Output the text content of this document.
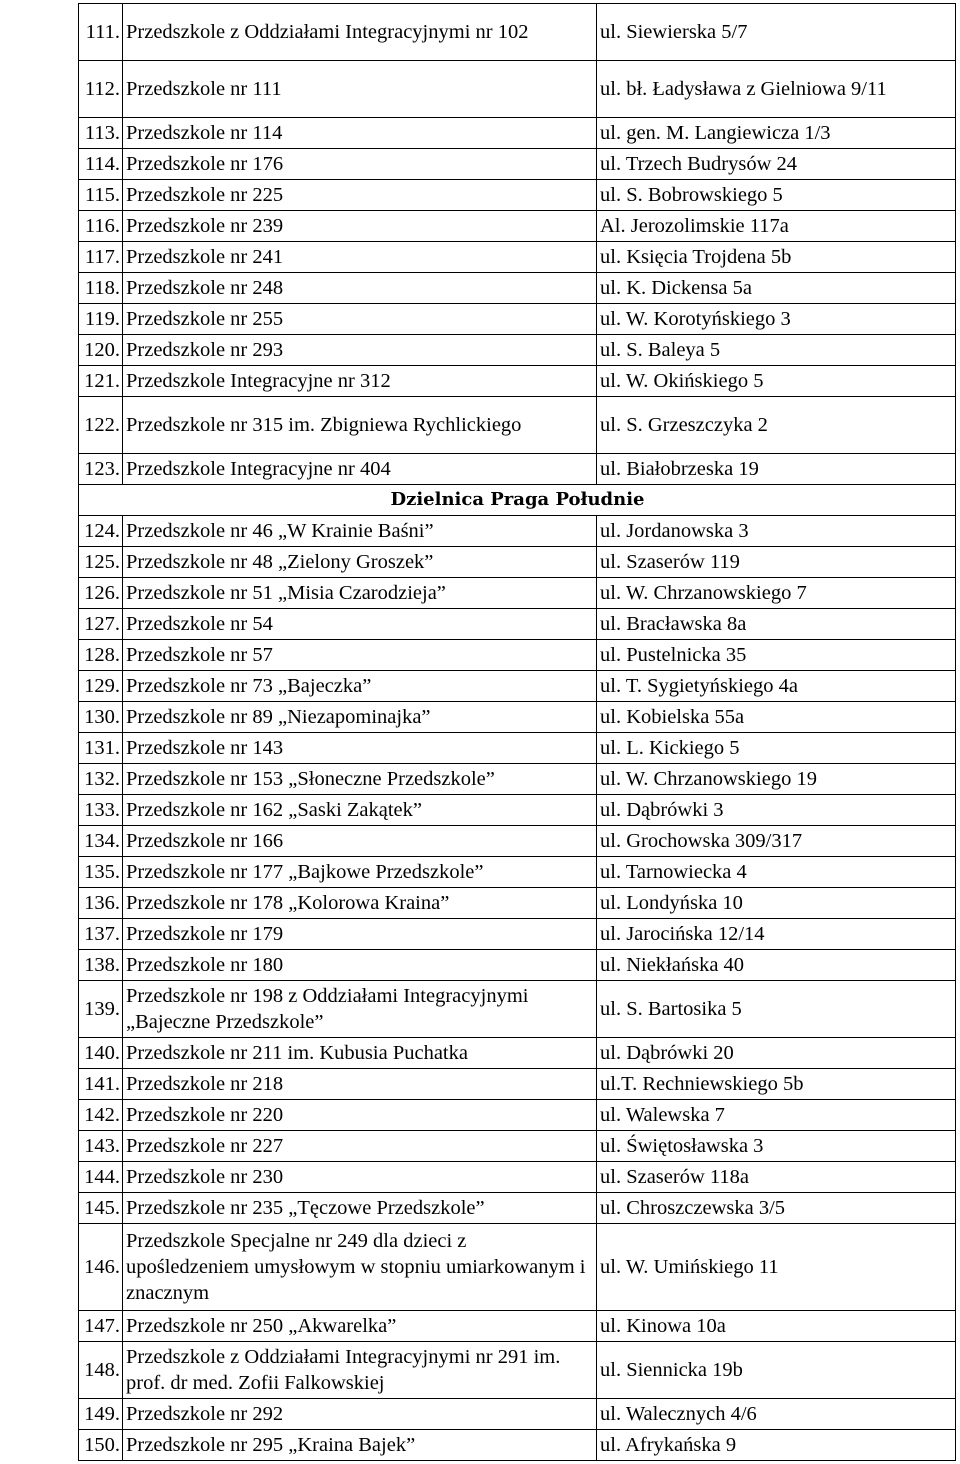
111.	Przedszkole z Oddziałami Integracyjnymi nr 102	ul. Siewierska 5/7
112.	Przedszkole nr 111	ul. bł. Ładysława z Gielniowa 9/11
113.	Przedszkole nr 114	ul. gen. M. Langiewicza 1/3
114.	Przedszkole nr 176	ul. Trzech Budrysów 24
115.	Przedszkole nr 225	ul. S. Bobrowskiego 5
116.	Przedszkole nr 239	Al. Jerozolimskie 117a
117.	Przedszkole nr 241	ul. Księcia Trojdena 5b
118.	Przedszkole nr 248	ul. K. Dickensa 5a
119.	Przedszkole nr 255	ul. W. Korotyńskiego 3
120.	Przedszkole nr 293	ul. S. Baleya 5
121.	Przedszkole Integracyjne nr 312	ul. W. Okińskiego 5
122.	Przedszkole nr 315 im. Zbigniewa Rychlickiego	ul. S. Grzeszczyka 2
123.	Przedszkole Integracyjne nr 404	ul. Białobrzeska 19
Dzielnica Praga Południe		
124.	Przedszkole nr 46 „W Krainie Baśni”	ul. Jordanowska 3
125.	Przedszkole nr 48 „Zielony Groszek”	ul. Szaserów 119
126.	Przedszkole nr 51 „Misia Czarodzieja”	ul. W. Chrzanowskiego 7
127.	Przedszkole nr 54	ul. Bracławska 8a
128.	Przedszkole nr 57	ul. Pustelnicka 35
129.	Przedszkole nr 73 „Bajeczka”	ul. T. Sygietyńskiego 4a
130.	Przedszkole nr 89 „Niezapominajka”	ul. Kobielska 55a
131.	Przedszkole nr 143	ul. L. Kickiego 5
132.	Przedszkole nr 153 „Słoneczne Przedszkole”	ul. W. Chrzanowskiego 19
133.	Przedszkole nr 162 „Saski Zakątek”	ul. Dąbrówki 3
134.	Przedszkole nr 166	ul. Grochowska 309/317
135.	Przedszkole nr 177 „Bajkowe Przedszkole”	ul. Tarnowiecka 4
136.	Przedszkole nr 178 „Kolorowa Kraina”	ul. Londyńska 10
137.	Przedszkole nr 179	ul. Jarocińska 12/14
138.	Przedszkole nr 180	ul. Niekłańska 40
139.	Przedszkole nr 198 z Oddziałami Integracyjnymi „Bajeczne Przedszkole”	ul. S. Bartosika 5
140.	Przedszkole nr 211 im. Kubusia Puchatka	ul. Dąbrówki 20
141.	Przedszkole nr 218	ul.T. Rechniewskiego 5b
142.	Przedszkole nr 220	ul. Walewska 7
143.	Przedszkole nr 227	ul. Świętosławska 3
144.	Przedszkole nr 230	ul. Szaserów 118a
145.	Przedszkole nr 235 „Tęczowe Przedszkole”	ul. Chroszczewska 3/5
146.	Przedszkole Specjalne nr 249 dla dzieci z upośledzeniem umysłowym w stopniu umiarkowanym i znacznym	ul. W. Umińskiego 11
147.	Przedszkole nr 250 „Akwarelka”	ul. Kinowa 10a
148.	Przedszkole z Oddziałami Integracyjnymi nr 291 im. prof. dr med. Zofii Falkowskiej	ul. Siennicka 19b
149.	Przedszkole nr 292	ul. Walecznych 4/6
150.	Przedszkole nr 295 „Kraina Bajek”	ul. Afrykańska 9
